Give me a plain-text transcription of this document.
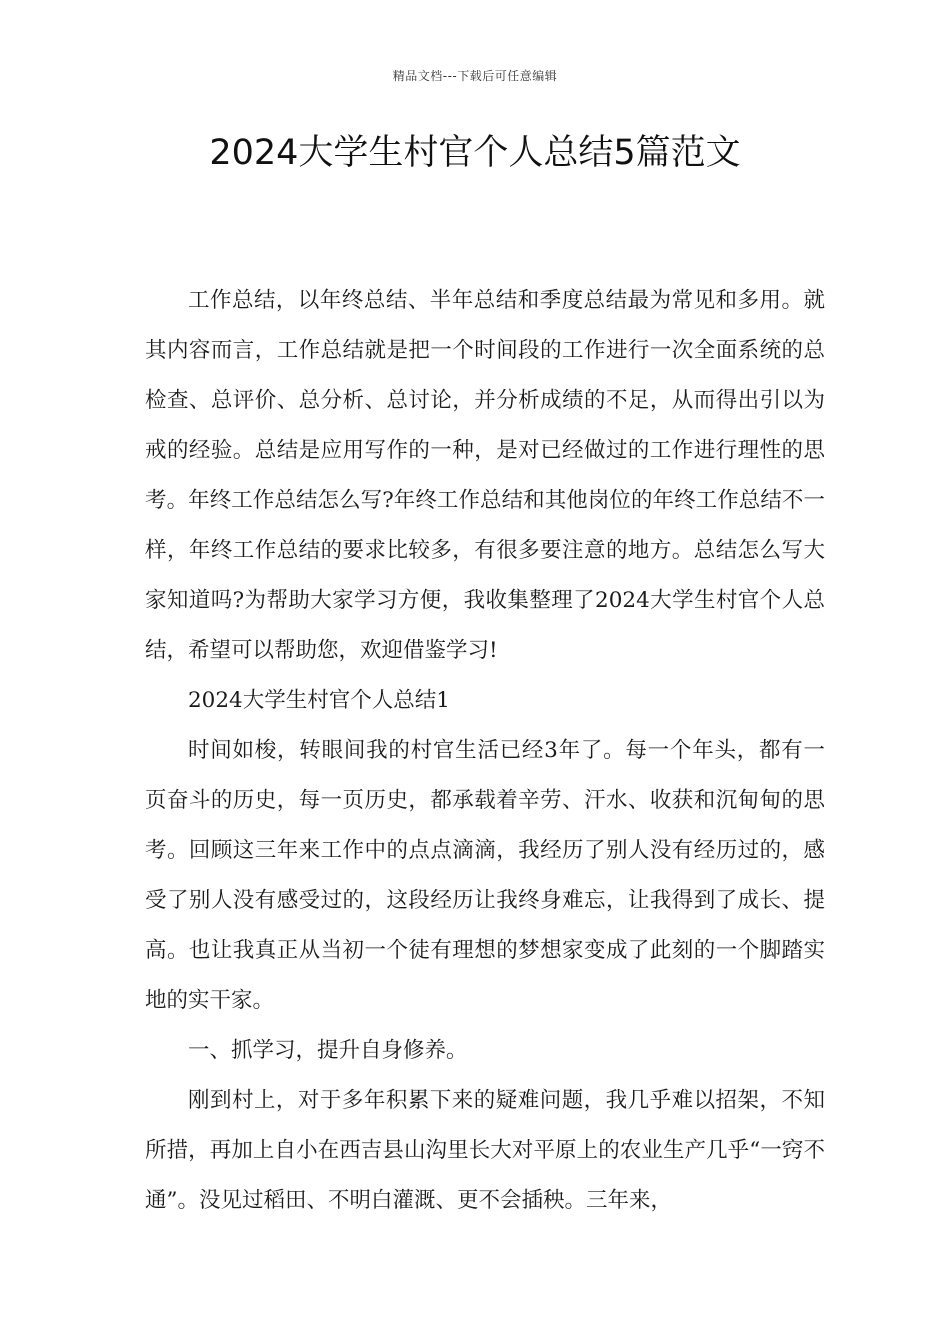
精品文档---下载后可任意编辑
2024大学生村官个人总结5篇范文

工作总结，以年终总结、半年总结和季度总结最为常见和多用。就其内容而言，工作总结就是把一个时间段的工作进行一次全面系统的总检查、总评价、总分析、总讨论，并分析成绩的不足，从而得出引以为戒的经验。总结是应用写作的一种，是对已经做过的工作进行理性的思考。年终工作总结怎么写?年终工作总结和其他岗位的年终工作总结不一样，年终工作总结的要求比较多，有很多要注意的地方。总结怎么写大家知道吗?为帮助大家学习方便，我收集整理了2024大学生村官个人总结，希望可以帮助您，欢迎借鉴学习!

2024大学生村官个人总结1

时间如梭，转眼间我的村官生活已经3年了。每一个年头，都有一页奋斗的历史，每一页历史，都承载着辛劳、汗水、收获和沉甸甸的思考。回顾这三年来工作中的点点滴滴，我经历了别人没有经历过的，感受了别人没有感受过的，这段经历让我终身难忘，让我得到了成长、提高。也让我真正从当初一个徒有理想的梦想家变成了此刻的一个脚踏实地的实干家。

一、抓学习，提升自身修养。

刚到村上，对于多年积累下来的疑难问题，我几乎难以招架，不知所措，再加上自小在西吉县山沟里长大对平原上的农业生产几乎“一窍不通”。没见过稻田、不明白灌溉、更不会插秧。三年来，
